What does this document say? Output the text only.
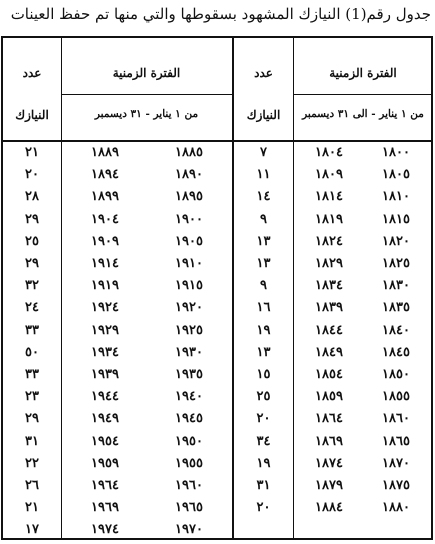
جدول رقم(1) النيازك المشهود بسقوطها والتي منها تم حفظ العينات
عدد
النيازك
الفترة الزمنية
من ١ يناير - ٣١ ديسمبر
عدد
النيازك
الفترة الزمنية
من ١ يناير - الى ٣١ ديسمبر
١٨٠٠
١٨٠٤
٧
١٨٠٥
١٨٠٩
١١
١٨١٠
١٨١٤
١٤
١٨١٥
١٨١٩
٩
١٨٢٠
١٨٢٤
١٣
١٨٢٥
١٨٢٩
١٣
١٨٣٠
١٨٣٤
٩
١٨٣٥
١٨٣٩
١٦
١٨٤٠
١٨٤٤
١٩
١٨٤٥
١٨٤٩
١٣
١٨٥٠
١٨٥٤
١٥
١٨٥٥
١٨٥٩
٢٥
١٨٦٠
١٨٦٤
٢٠
١٨٦٥
١٨٦٩
٣٤
١٨٧٠
١٨٧٤
١٩
١٨٧٥
١٨٧٩
٣١
١٨٨٠
١٨٨٤
٢٠
١٨٨٥
١٨٨٩
٢١
١٨٩٠
١٨٩٤
٢٠
١٨٩٥
١٨٩٩
٢٨
١٩٠٠
١٩٠٤
٢٩
١٩٠٥
١٩٠٩
٢٥
١٩١٠
١٩١٤
٢٩
١٩١٥
١٩١٩
٣٢
١٩٢٠
١٩٢٤
٢٤
١٩٢٥
١٩٢٩
٣٣
١٩٣٠
١٩٣٤
٥٠
١٩٣٥
١٩٣٩
٣٣
١٩٤٠
١٩٤٤
٢٣
١٩٤٥
١٩٤٩
٢٩
١٩٥٠
١٩٥٤
٣١
١٩٥٥
١٩٥٩
٢٢
١٩٦٠
١٩٦٤
٢٦
١٩٦٥
١٩٦٩
٢١
١٩٧٠
١٩٧٤
١٧
